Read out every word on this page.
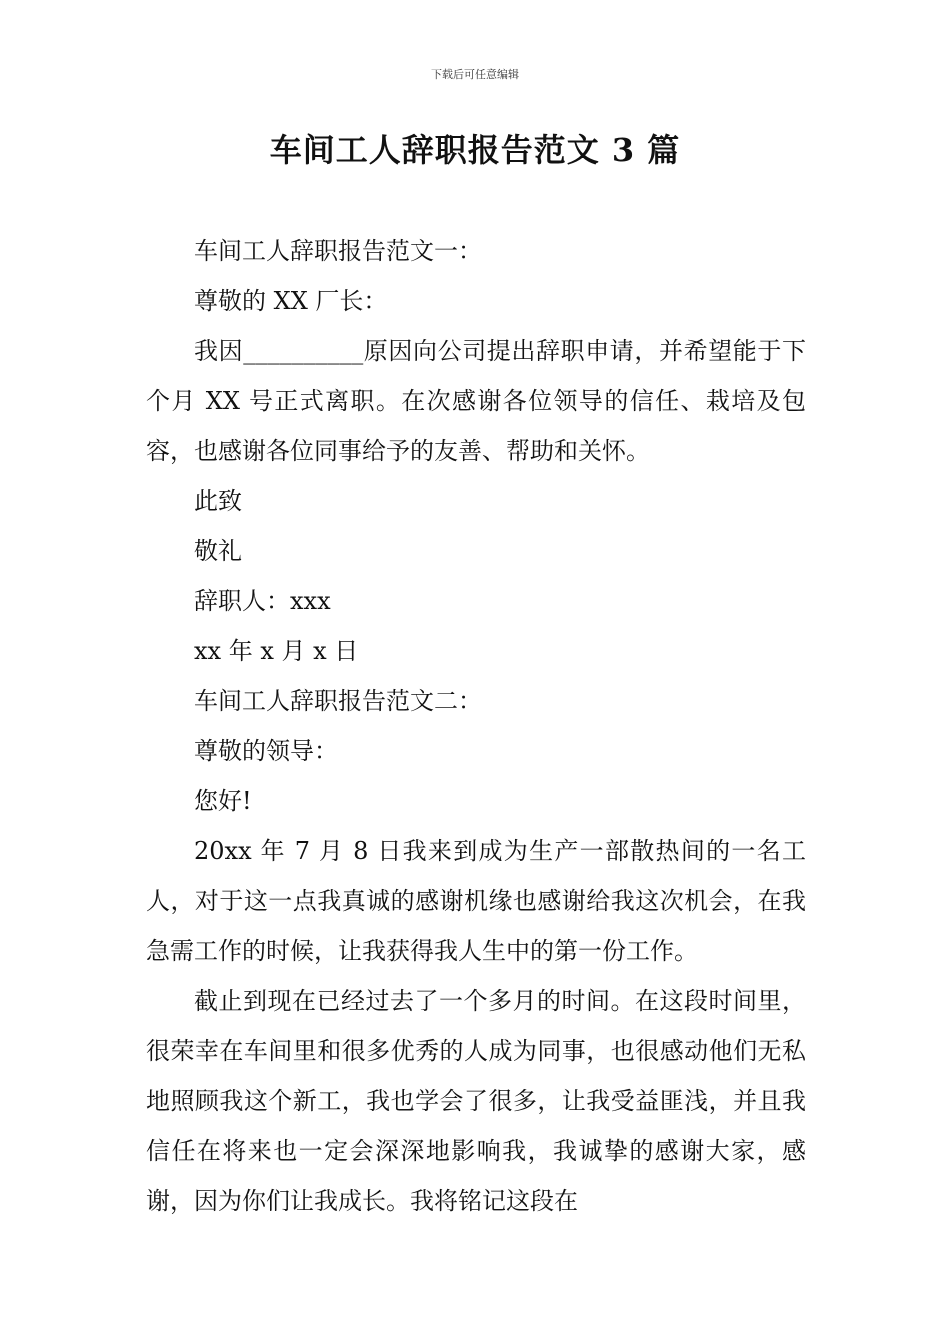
下载后可任意编辑
车间工人辞职报告范文 3 篇

车间工人辞职报告范文一：

尊敬的 XX 厂长：

我因__________原因向公司提出辞职申请，并希望能于下个月 XX 号正式离职。在次感谢各位领导的信任、栽培及包容，也感谢各位同事给予的友善、帮助和关怀。

此致

敬礼

辞职人：xxx

xx 年 x 月 x 日

车间工人辞职报告范文二：

尊敬的领导：

您好!

20xx 年 7 月 8 日我来到成为生产一部散热间的一名工人，对于这一点我真诚的感谢机缘也感谢给我这次机会，在我急需工作的时候，让我获得我人生中的第一份工作。

截止到现在已经过去了一个多月的时间。在这段时间里，很荣幸在车间里和很多优秀的人成为同事，也很感动他们无私地照顾我这个新工，我也学会了很多，让我受益匪浅，并且我信任在将来也一定会深深地影响我，我诚挚的感谢大家，感谢，因为你们让我成长。我将铭记这段在
